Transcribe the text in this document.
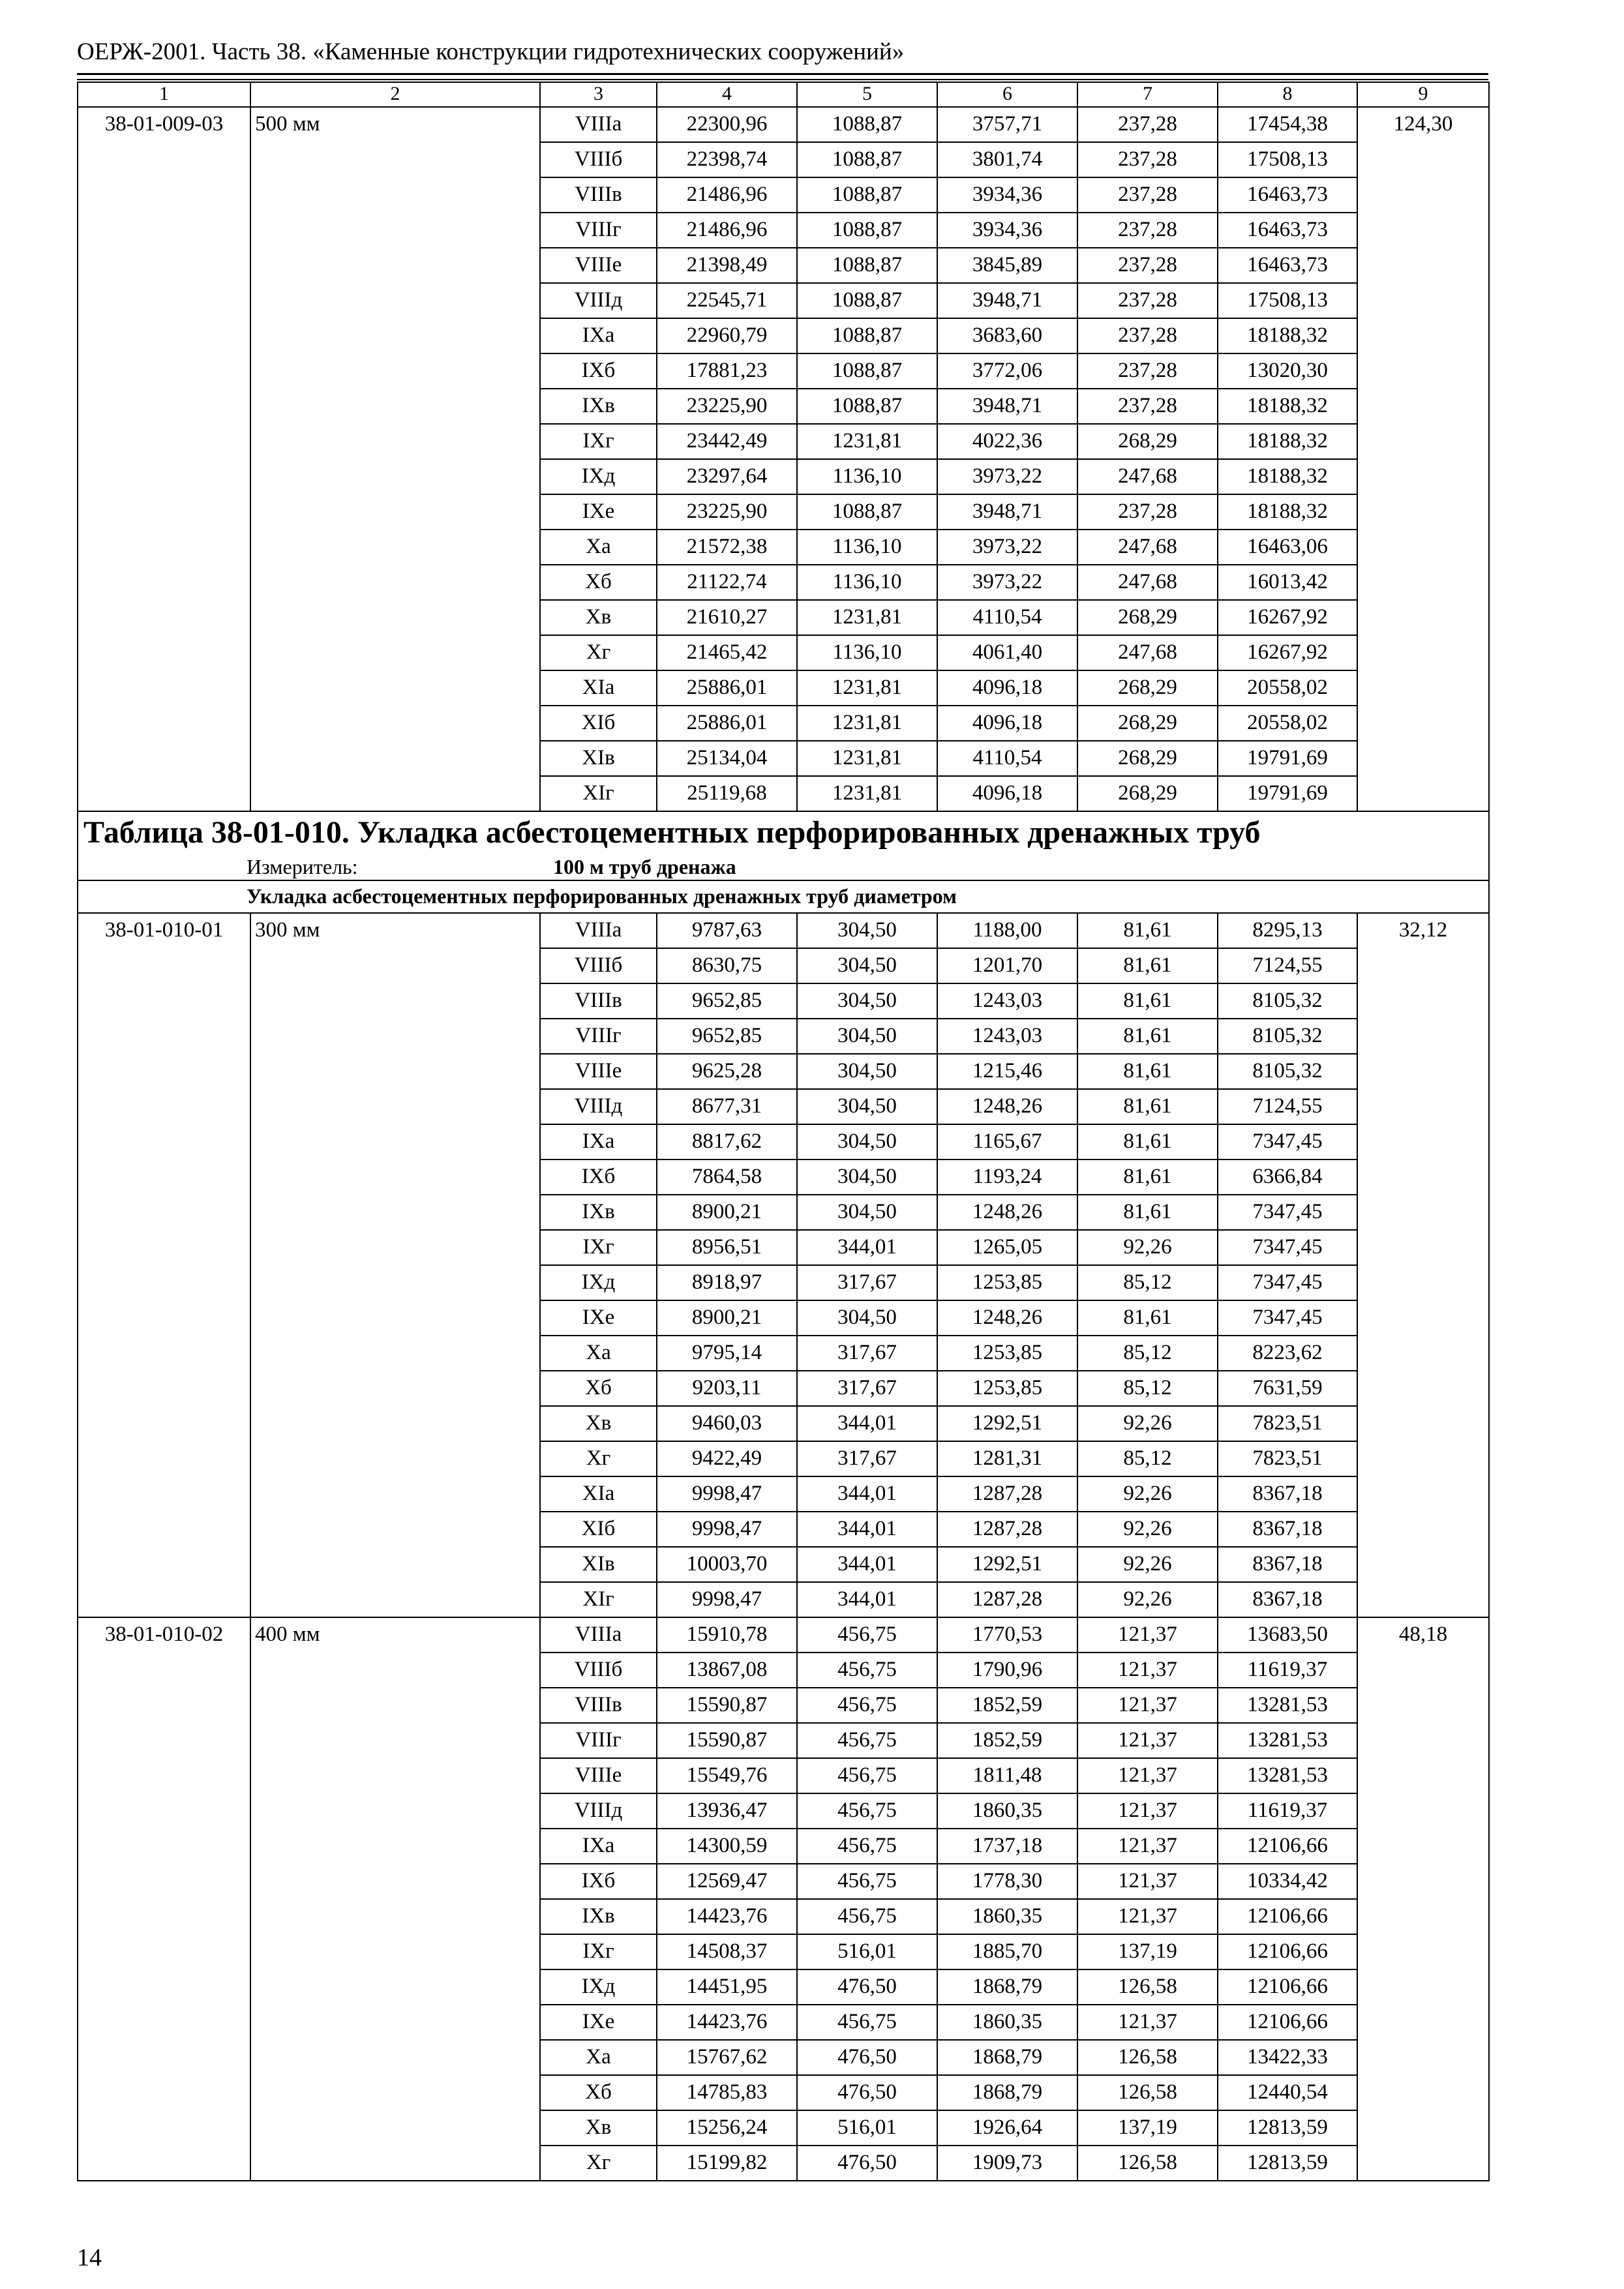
ОЕРЖ-2001. Часть 38. «Каменные конструкции гидротехнических сооружений»
1	2	3	4	5	6	7	8	9
38-01-009-03	500 мм	VIIIа	22300,96	1088,87	3757,71	237,28	17454,38	124,30
		VIIIб	22398,74	1088,87	3801,74	237,28	17508,13	
		VIIIв	21486,96	1088,87	3934,36	237,28	16463,73	
		VIIIг	21486,96	1088,87	3934,36	237,28	16463,73	
		VIIIе	21398,49	1088,87	3845,89	237,28	16463,73	
		VIIIд	22545,71	1088,87	3948,71	237,28	17508,13	
		IXа	22960,79	1088,87	3683,60	237,28	18188,32	
		IXб	17881,23	1088,87	3772,06	237,28	13020,30	
		IXв	23225,90	1088,87	3948,71	237,28	18188,32	
		IXг	23442,49	1231,81	4022,36	268,29	18188,32	
		IXд	23297,64	1136,10	3973,22	247,68	18188,32	
		IXе	23225,90	1088,87	3948,71	237,28	18188,32	
		Xа	21572,38	1136,10	3973,22	247,68	16463,06	
		Xб	21122,74	1136,10	3973,22	247,68	16013,42	
		Xв	21610,27	1231,81	4110,54	268,29	16267,92	
		Xг	21465,42	1136,10	4061,40	247,68	16267,92	
		XIа	25886,01	1231,81	4096,18	268,29	20558,02	
		XIб	25886,01	1231,81	4096,18	268,29	20558,02	
		XIв	25134,04	1231,81	4110,54	268,29	19791,69	
		XIг	25119,68	1231,81	4096,18	268,29	19791,69	
Таблица 38-01-010. Укладка асбестоцементных перфорированных дренажных труб								
Измеритель: 100 м труб дренажа								
Укладка асбестоцементных перфорированных дренажных труб диаметром								
38-01-010-01	300 мм	VIIIа	9787,63	304,50	1188,00	81,61	8295,13	32,12
		VIIIб	8630,75	304,50	1201,70	81,61	7124,55	
		VIIIв	9652,85	304,50	1243,03	81,61	8105,32	
		VIIIг	9652,85	304,50	1243,03	81,61	8105,32	
		VIIIе	9625,28	304,50	1215,46	81,61	8105,32	
		VIIIд	8677,31	304,50	1248,26	81,61	7124,55	
		IXа	8817,62	304,50	1165,67	81,61	7347,45	
		IXб	7864,58	304,50	1193,24	81,61	6366,84	
		IXв	8900,21	304,50	1248,26	81,61	7347,45	
		IXг	8956,51	344,01	1265,05	92,26	7347,45	
		IXд	8918,97	317,67	1253,85	85,12	7347,45	
		IXе	8900,21	304,50	1248,26	81,61	7347,45	
		Xа	9795,14	317,67	1253,85	85,12	8223,62	
		Xб	9203,11	317,67	1253,85	85,12	7631,59	
		Xв	9460,03	344,01	1292,51	92,26	7823,51	
		Xг	9422,49	317,67	1281,31	85,12	7823,51	
		XIа	9998,47	344,01	1287,28	92,26	8367,18	
		XIб	9998,47	344,01	1287,28	92,26	8367,18	
		XIв	10003,70	344,01	1292,51	92,26	8367,18	
		XIг	9998,47	344,01	1287,28	92,26	8367,18	
38-01-010-02	400 мм	VIIIа	15910,78	456,75	1770,53	121,37	13683,50	48,18
		VIIIб	13867,08	456,75	1790,96	121,37	11619,37	
		VIIIв	15590,87	456,75	1852,59	121,37	13281,53	
		VIIIг	15590,87	456,75	1852,59	121,37	13281,53	
		VIIIе	15549,76	456,75	1811,48	121,37	13281,53	
		VIIIд	13936,47	456,75	1860,35	121,37	11619,37	
		IXа	14300,59	456,75	1737,18	121,37	12106,66	
		IXб	12569,47	456,75	1778,30	121,37	10334,42	
		IXв	14423,76	456,75	1860,35	121,37	12106,66	
		IXг	14508,37	516,01	1885,70	137,19	12106,66	
		IXд	14451,95	476,50	1868,79	126,58	12106,66	
		IXе	14423,76	456,75	1860,35	121,37	12106,66	
		Xа	15767,62	476,50	1868,79	126,58	13422,33	
		Xб	14785,83	476,50	1868,79	126,58	12440,54	
		Xв	15256,24	516,01	1926,64	137,19	12813,59	
		Xг	15199,82	476,50	1909,73	126,58	12813,59	
14
